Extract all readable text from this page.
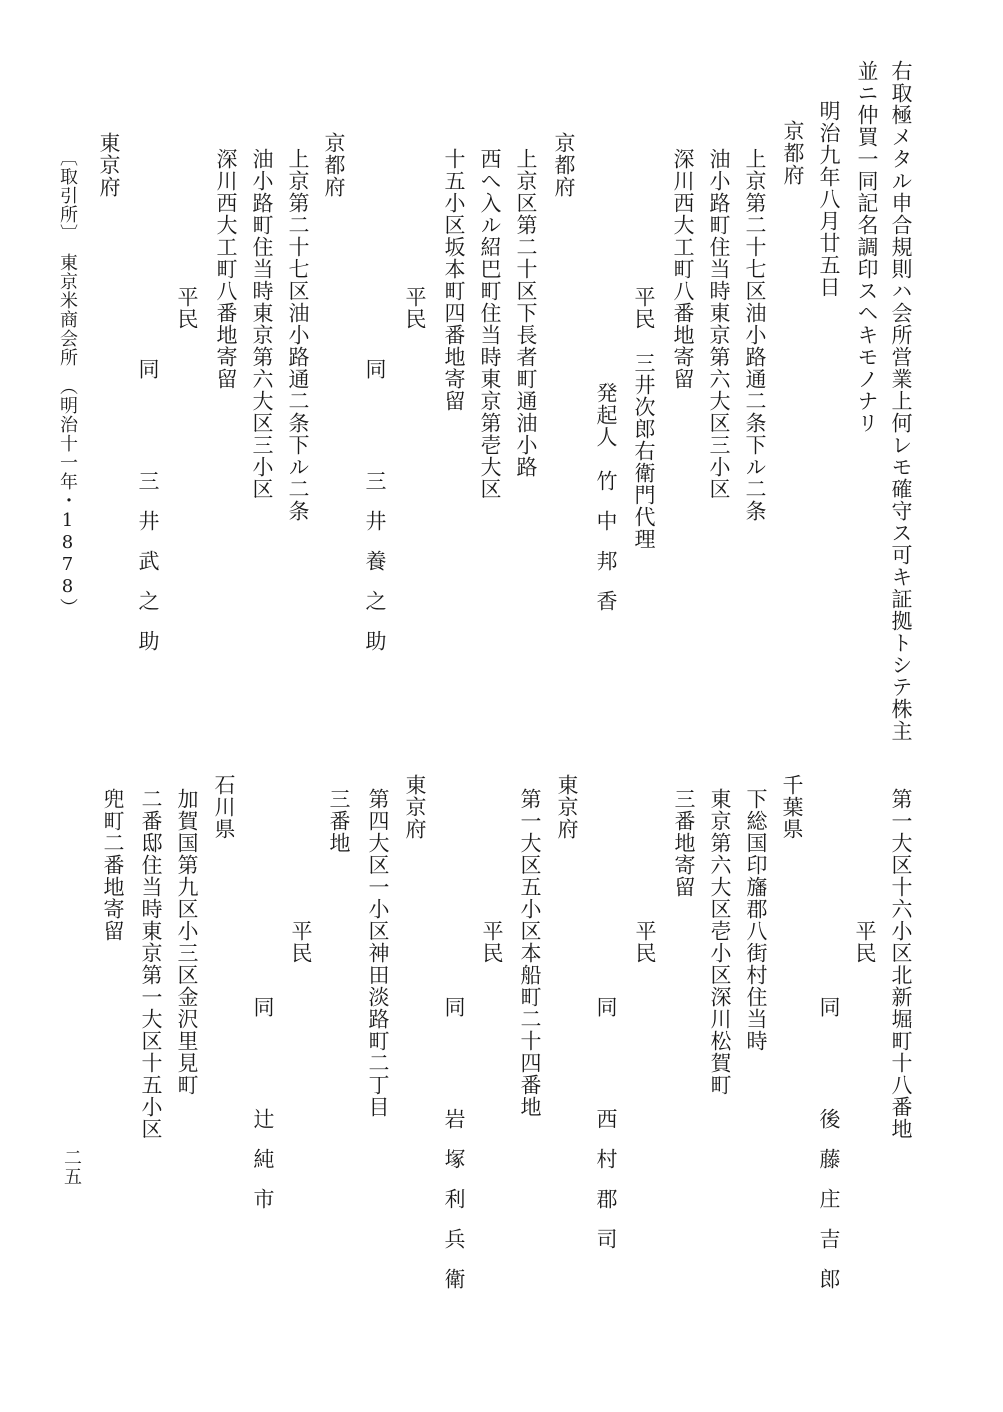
右取極メタル申合規則ハ会所営業上何レモ確守ス可キ証拠トシテ株主
並ニ仲買一同記名調印スヘキモノナリ
明治九年八月廿五日
京都府
上京第二十七区油小路通二条下ル二条
油小路町住当時東京第六大区三小区
深川西大工町八番地寄留
平民　三井次郎右衛門代理
発起人
竹中邦香
京都府
上京区第二十区下長者町通油小路
西へ入ル紹巴町住当時東京第壱大区
十五小区坂本町四番地寄留
平民
同
三井養之助
京都府
上京第二十七区油小路通二条下ル二条
油小路町住当時東京第六大区三小区
深川西大工町八番地寄留
平民
同
三井武之助
東京府
〔取引所〕　東京米商会所　（明治十一年・1878）
第一大区十六小区北新堀町十八番地
平民
同
後藤庄吉郎
千葉県
下総国印旛郡八街村住当時
東京第六大区壱小区深川松賀町
三番地寄留
平民
同
西村郡司
東京府
第一大区五小区本船町二十四番地
平民
同
岩塚利兵衛
東京府
第四大区一小区神田淡路町二丁目
三番地
平民
同
辻純市
石川県
加賀国第九区小三区金沢里見町
二番邸住当時東京第一大区十五小区
兜町二番地寄留
二五
